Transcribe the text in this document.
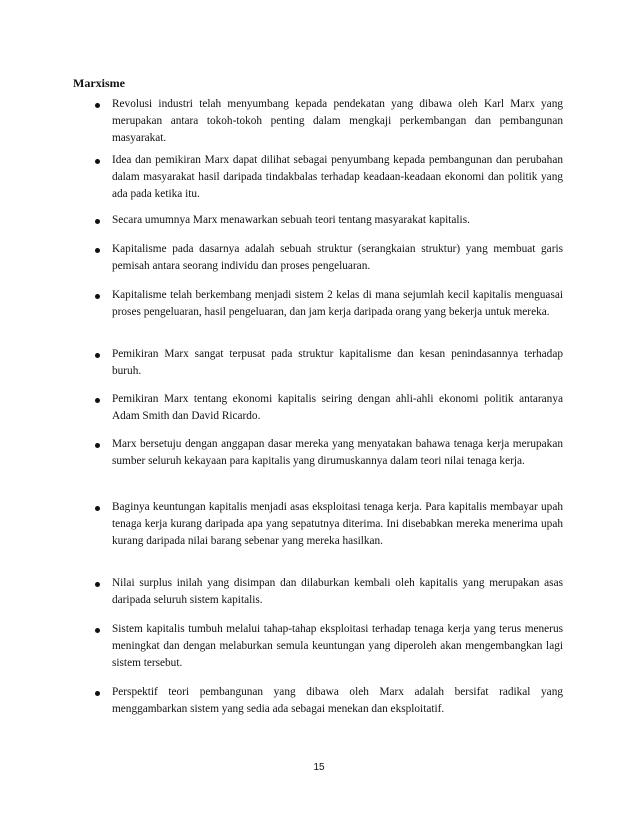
Marxisme
Revolusi industri telah menyumbang kepada pendekatan yang dibawa oleh Karl Marx yang merupakan antara tokoh-tokoh penting dalam mengkaji perkembangan dan pembangunan masyarakat.
Idea dan pemikiran Marx dapat dilihat sebagai penyumbang kepada pembangunan dan perubahan dalam masyarakat hasil daripada tindakbalas terhadap keadaan-keadaan ekonomi dan politik yang ada pada ketika itu.
Secara umumnya Marx menawarkan sebuah teori tentang masyarakat kapitalis.
Kapitalisme pada dasarnya adalah sebuah struktur (serangkaian struktur) yang membuat garis pemisah antara seorang individu dan proses pengeluaran.
Kapitalisme telah berkembang menjadi sistem 2 kelas di mana sejumlah kecil kapitalis menguasai proses pengeluaran, hasil pengeluaran, dan jam kerja daripada orang yang bekerja untuk mereka.
Pemikiran Marx sangat terpusat pada struktur kapitalisme dan kesan penindasannya terhadap buruh.
Pemikiran Marx tentang ekonomi kapitalis seiring dengan ahli-ahli ekonomi politik antaranya Adam Smith dan David Ricardo.
Marx bersetuju dengan anggapan dasar mereka yang menyatakan bahawa tenaga kerja merupakan sumber seluruh kekayaan para kapitalis yang dirumuskannya dalam teori nilai tenaga kerja.
Baginya keuntungan kapitalis menjadi asas eksploitasi tenaga kerja. Para kapitalis membayar upah tenaga kerja kurang daripada apa yang sepatutnya diterima. Ini disebabkan mereka menerima upah kurang daripada nilai barang sebenar yang mereka hasilkan.
Nilai surplus inilah yang disimpan dan dilaburkan kembali oleh kapitalis yang merupakan asas daripada seluruh sistem kapitalis.
Sistem kapitalis tumbuh melalui tahap-tahap eksploitasi terhadap tenaga kerja yang terus menerus meningkat dan dengan melaburkan semula keuntungan yang diperoleh akan mengembangkan lagi sistem tersebut.
Perspektif teori pembangunan yang dibawa oleh Marx adalah bersifat radikal yang menggambarkan sistem yang sedia ada sebagai menekan dan eksploitatif.
15
